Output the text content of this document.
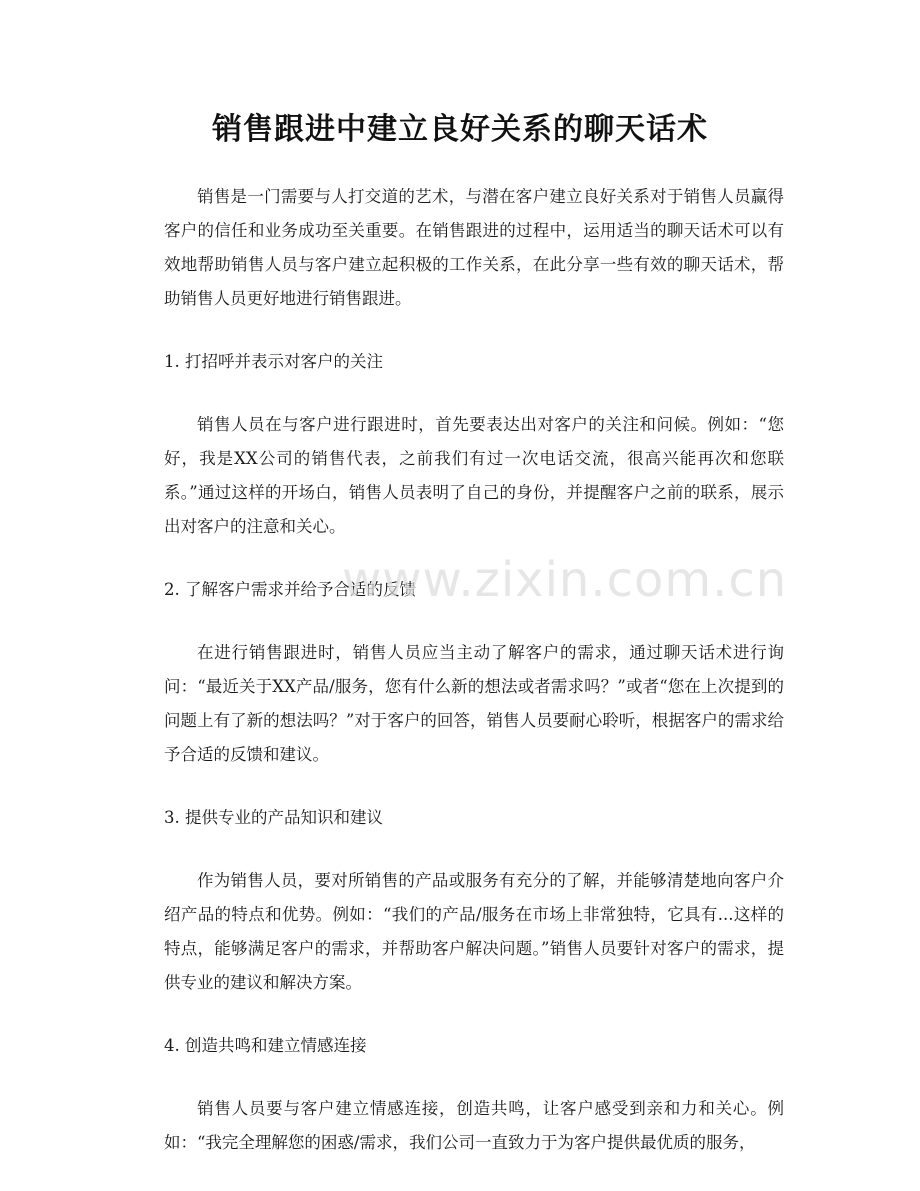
销售跟进中建立良好关系的聊天话术

销售是一门需要与人打交道的艺术，与潜在客户建立良好关系对于销售人员赢得客户的信任和业务成功至关重要。在销售跟进的过程中，运用适当的聊天话术可以有效地帮助销售人员与客户建立起积极的工作关系，在此分享一些有效的聊天话术，帮助销售人员更好地进行销售跟进。

1. 打招呼并表示对客户的关注

销售人员在与客户进行跟进时，首先要表达出对客户的关注和问候。例如：“您好，我是XX公司的销售代表，之前我们有过一次电话交流，很高兴能再次和您联系。”通过这样的开场白，销售人员表明了自己的身份，并提醒客户之前的联系，展示出对客户的注意和关心。

2. 了解客户需求并给予合适的反馈

在进行销售跟进时，销售人员应当主动了解客户的需求，通过聊天话术进行询问：“最近关于XX产品/服务，您有什么新的想法或者需求吗？”或者“您在上次提到的问题上有了新的想法吗？”对于客户的回答，销售人员要耐心聆听，根据客户的需求给予合适的反馈和建议。

3. 提供专业的产品知识和建议

作为销售人员，要对所销售的产品或服务有充分的了解，并能够清楚地向客户介绍产品的特点和优势。例如：“我们的产品/服务在市场上非常独特，它具有...这样的特点，能够满足客户的需求，并帮助客户解决问题。”销售人员要针对客户的需求，提供专业的建议和解决方案。

4. 创造共鸣和建立情感连接

销售人员要与客户建立情感连接，创造共鸣，让客户感受到亲和力和关心。例如：“我完全理解您的困惑/需求，我们公司一直致力于为客户提供最优质的服务，

www.zixin.com.cn
